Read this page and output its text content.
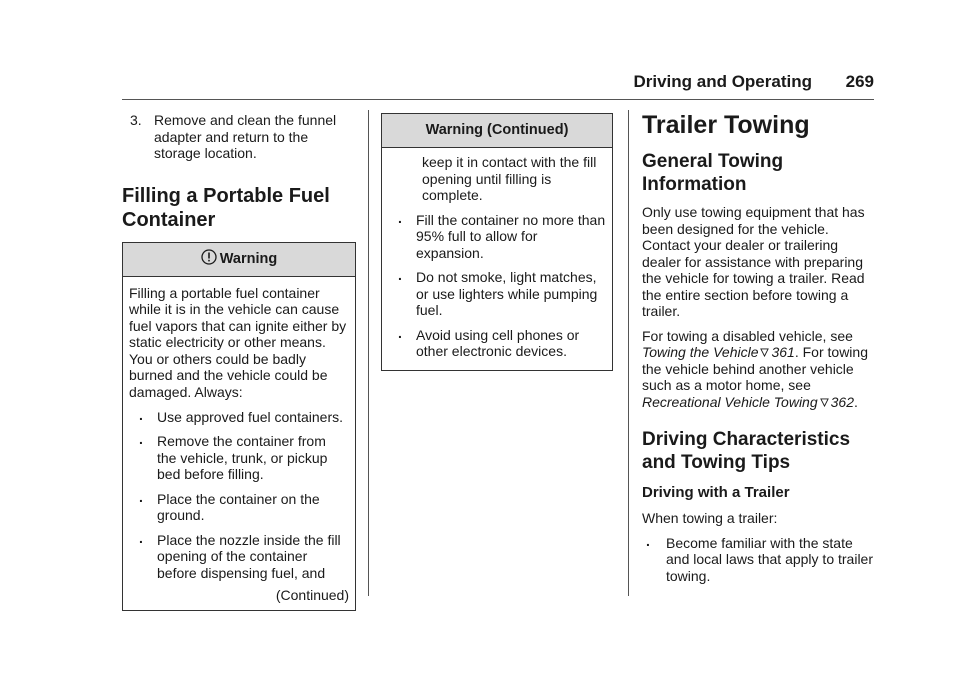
Driving and Operating 269

3. Remove and clean the funnel adapter and return to the storage location.

Filling a Portable Fuel Container
Warning

Filling a portable fuel container while it is in the vehicle can cause fuel vapors that can ignite either by static electricity or other means. You or others could be badly burned and the vehicle could be damaged. Always:

. Use approved fuel containers.

. Remove the container from the vehicle, trunk, or pickup bed before filling.

. Place the container on the ground.

. Place the nozzle inside the fill opening of the container before dispensing fuel, and

(Continued)

Warning (Continued)

keep it in contact with the fill opening until filling is complete.

. Fill the container no more than 95% full to allow for expansion.

. Do not smoke, light matches, or use lighters while pumping fuel.

. Avoid using cell phones or other electronic devices.

Trailer Towing
General Towing Information

Only use towing equipment that has been designed for the vehicle. Contact your dealer or trailering dealer for assistance with preparing the vehicle for towing a trailer. Read the entire section before towing a trailer.

For towing a disabled vehicle, see Towing the Vehicle 361. For towing the vehicle behind another vehicle such as a motor home, see Recreational Vehicle Towing 362.

Driving Characteristics and Towing Tips
Driving with a Trailer

When towing a trailer:

. Become familiar with the state and local laws that apply to trailer towing.
